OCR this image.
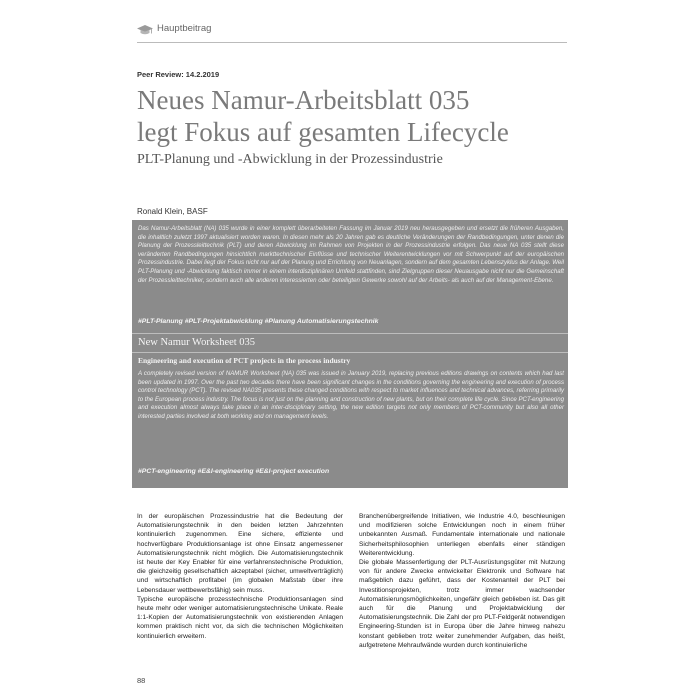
Hauptbeitrag
Peer Review: 14.2.2019
Neues Namur-Arbeitsblatt 035
legt Fokus auf gesamten Lifecycle
PLT-Planung und -Abwicklung in der Prozessindustrie
Ronald Klein, BASF
Das Namur-Arbeitsblatt (NA) 035 wurde in einer komplett überarbeiteten Fassung im Januar 2019 neu herausgegeben und ersetzt die früheren Ausgaben, die inhaltlich zuletzt 1997 aktualisiert worden waren. In diesen mehr als 20 Jahren gab es deutliche Veränderungen der Randbedingungen, unter denen die Planung der Prozessleittechnik (PLT) und deren Abwicklung im Rahmen von Projekten in der Prozessindustrie erfolgen. Das neue NA 035 stellt diese veränderten Randbedingungen hinsichtlich markttechnischer Einflüsse und technischer Weiterentwicklungen vor mit Schwerpunkt auf der europäischen Prozessindustrie. Dabei liegt der Fokus nicht nur auf der Planung und Errichtung von Neuanlagen, sondern auf dem gesamten Lebenszyklus der Anlage. Weil PLT-Planung und -Abwicklung faktisch immer in einem interdisziplinären Umfeld stattfinden, sind Zielgruppen dieser Neuausgabe nicht nur die Gemeinschaft der Prozessleittechniker, sondern auch alle anderen interessierten oder beteiligten Gewerke sowohl auf der Arbeits- als auch auf der Management-Ebene.
#PLT-Planung #PLT-Projektabwicklung #Planung Automatisierungstechnik
New Namur Worksheet 035
Engineering and execution of PCT projects in the process industry
A completely revised version of NAMUR Worksheet (NA) 035 was issued in January 2019, replacing previous editions drawings on contents which had last been updated in 1997. Over the past two decades there have been significant changes in the conditions governing the engineering and execution of process control technology (PCT). The revised NA035 presents these changed conditions with respect to market influences and technical advances, referring primarily to the European process industry. The focus is not just on the planning and construction of new plants, but on their complete life cycle. Since PCT-engineering and execution almost always take place in an inter-disciplinary setting, the new edition targets not only members of PCT-community but also all other interested parties involved at both working and on management levels.
#PCT-engineering #E&I-engineering #E&I-project execution

In der europäischen Prozessindustrie hat die Bedeutung der Automatisierungstechnik in den beiden letzten Jahrzehnten kontinuierlich zugenommen. Eine sichere, effiziente und hochverfügbare Produktionsanlage ist ohne Einsatz angemessener Automatisierungstechnik nicht möglich. Die Automatisierungstechnik ist heute der Key Enabler für eine verfahrenstechnische Produktion, die gleichzeitig gesellschaftlich akzeptabel (sicher, umweltverträglich) und wirtschaftlich profitabel (im globalen Maßstab über ihre Lebensdauer wettbewerbsfähig) sein muss.

Typische europäische prozesstechnische Produktionsanlagen sind heute mehr oder weniger automatisierungstechnische Unikate. Reale 1:1-Kopien der Automatisierungstechnik von existierenden Anlagen kommen praktisch nicht vor, da sich die technischen Möglichkeiten kontinuierlich erweitern.

Branchenübergreifende Initiativen, wie Industrie 4.0, beschleunigen und modifizieren solche Entwicklungen noch in einem früher unbekannten Ausmaß. Fundamentale internationale und nationale Sicherheitsphilosophien unterliegen ebenfalls einer ständigen Weiterentwicklung.

Die globale Massenfertigung der PLT-Ausrüstungsgüter mit Nutzung von für andere Zwecke entwickelter Elektronik und Software hat maßgeblich dazu geführt, dass der Kostenanteil der PLT bei Investitionsprojekten, trotz immer wachsender Automatisierungsmöglichkeiten, ungefähr gleich geblieben ist. Das gilt auch für die Planung und Projektabwicklung der Automatisierungstechnik. Die Zahl der pro PLT-Feldgerät notwendigen Engineering-Stunden ist in Europa über die Jahre hinweg nahezu konstant geblieben trotz weiter zunehmender Aufgaben, das heißt, aufgetretene Mehraufwände wurden durch kontinuierliche

88
